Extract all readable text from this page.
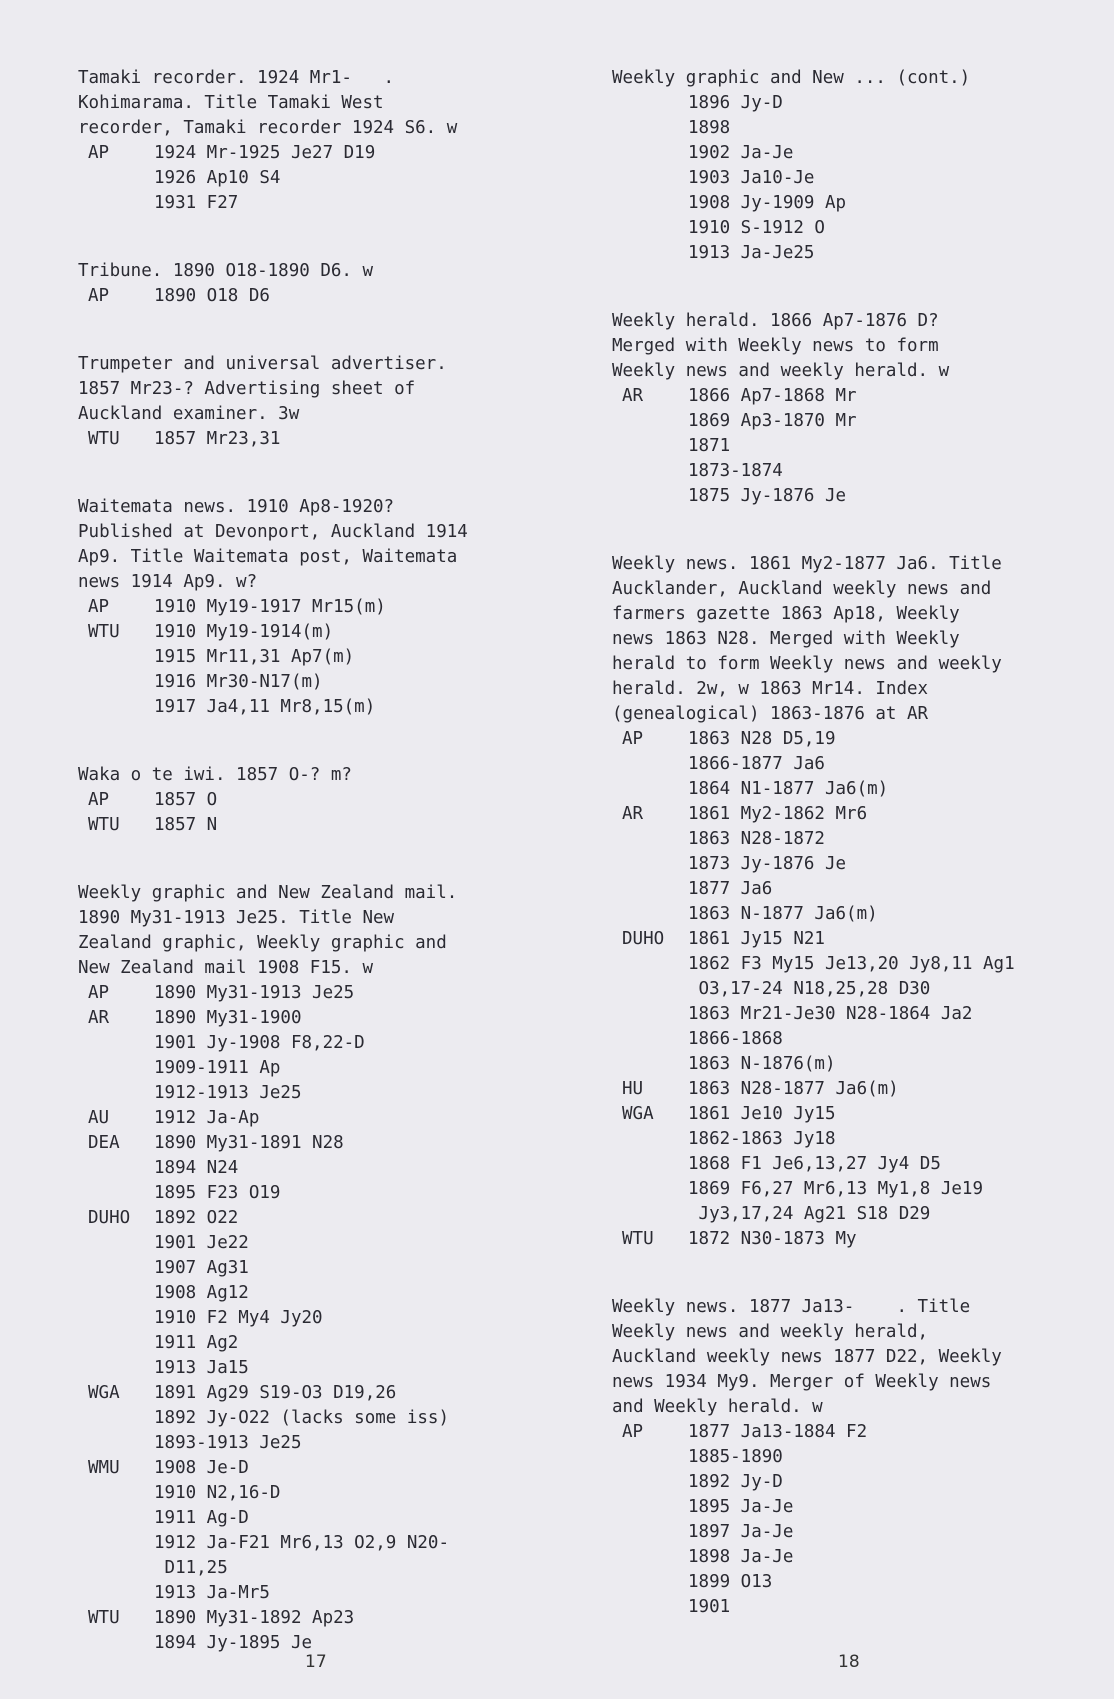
Tamaki recorder. 1924 Mr1-   .
Kohimarama. Title Tamaki West
recorder, Tamaki recorder 1924 S6. w

AP	1924 Mr-1925 Je27 D19
1926 Ap10 S4
1931 F27

Tribune. 1890 O18-1890 D6. w

AP	1890 O18 D6

Trumpeter and universal advertiser.
1857 Mr23-? Advertising sheet of
Auckland examiner. 3w

WTU	1857 Mr23,31

Waitemata news. 1910 Ap8-1920?
Published at Devonport, Auckland 1914
Ap9. Title Waitemata post, Waitemata
news 1914 Ap9. w?

AP	1910 My19-1917 Mr15(m)
WTU	1910 My19-1914(m)
1915 Mr11,31 Ap7(m)
1916 Mr30-N17(m)
1917 Ja4,11 Mr8,15(m)

Waka o te iwi. 1857 O-? m?

AP	1857 O
WTU	1857 N

Weekly graphic and New Zealand mail.
1890 My31-1913 Je25. Title New
Zealand graphic, Weekly graphic and
New Zealand mail 1908 F15. w

AP	1890 My31-1913 Je25
AR	1890 My31-1900
1901 Jy-1908 F8,22-D
1909-1911 Ap
1912-1913 Je25
AU	1912 Ja-Ap
DEA	1890 My31-1891 N28
1894 N24
1895 F23 O19
DUHO	1892 O22
1901 Je22
1907 Ag31
1908 Ag12
1910 F2 My4 Jy20
1911 Ag2
1913 Ja15
WGA	1891 Ag29 S19-O3 D19,26
1892 Jy-O22 (lacks some iss)
1893-1913 Je25
WMU	1908 Je-D
1910 N2,16-D
1911 Ag-D
1912 Ja-F21 Mr6,13 O2,9 N20-
D11,25
1913 Ja-Mr5
WTU	1890 My31-1892 Ap23
1894 Jy-1895 Je

Weekly graphic and New ... (cont.)

1896 Jy-D
1898
1902 Ja-Je
1903 Ja10-Je
1908 Jy-1909 Ap
1910 S-1912 O
1913 Ja-Je25

Weekly herald. 1866 Ap7-1876 D?
Merged with Weekly news to form
Weekly news and weekly herald. w

AR	1866 Ap7-1868 Mr
1869 Ap3-1870 Mr
1871
1873-1874
1875 Jy-1876 Je

Weekly news. 1861 My2-1877 Ja6. Title
Aucklander, Auckland weekly news and
farmers gazette 1863 Ap18, Weekly
news 1863 N28. Merged with Weekly
herald to form Weekly news and weekly
herald. 2w, w 1863 Mr14. Index
(genealogical) 1863-1876 at AR

AP	1863 N28 D5,19
1866-1877 Ja6
1864 N1-1877 Ja6(m)
AR	1861 My2-1862 Mr6
1863 N28-1872
1873 Jy-1876 Je
1877 Ja6
1863 N-1877 Ja6(m)
DUHO	1861 Jy15 N21
1862 F3 My15 Je13,20 Jy8,11 Ag1
O3,17-24 N18,25,28 D30
1863 Mr21-Je30 N28-1864 Ja2
1866-1868
1863 N-1876(m)
HU	1863 N28-1877 Ja6(m)
WGA	1861 Je10 Jy15
1862-1863 Jy18
1868 F1 Je6,13,27 Jy4 D5
1869 F6,27 Mr6,13 My1,8 Je19
Jy3,17,24 Ag21 S18 D29
WTU	1872 N30-1873 My

Weekly news. 1877 Ja13-    . Title
Weekly news and weekly herald,
Auckland weekly news 1877 D22, Weekly
news 1934 My9. Merger of Weekly news
and Weekly herald. w

AP	1877 Ja13-1884 F2
1885-1890
1892 Jy-D
1895 Ja-Je
1897 Ja-Je
1898 Ja-Je
1899 O13
1901
17	18
